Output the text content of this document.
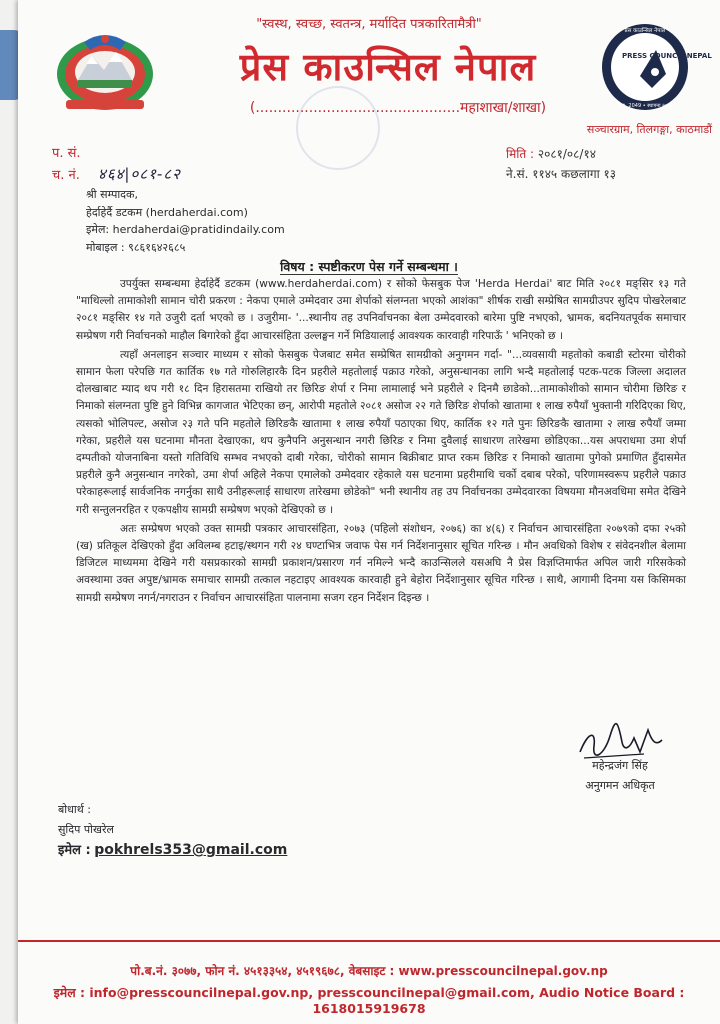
"स्वस्थ, स्वच्छ, स्वतन्त्र, मर्यादित पत्रकारितामैत्री"
प्रेस काउन्सिल नेपाल
(..............................................महाशाखा/शाखा)
PRESS COUNCIL NEPAL
प्रेस काउन्सिल नेपाल
Est. 2049 • स्थापना २०४९
सञ्चारग्राम, तिलगङ्गा, काठमाडौं
प. सं.
च. नं. ४६४|०८१-८२
मिति : २०८१/०८/१४
ने.सं. ११४५ कछलागा १३
श्री सम्पादक,
हेर्दाहेर्दै डटकम (herdaherdai.com)
इमेल: herdaherdai@pratidindaily.com
मोबाइल : ९८६१६४२६८५
विषय : स्पष्टीकरण पेस गर्ने सम्बन्धमा ।

उपर्युक्त सम्बन्धमा हेर्दाहेर्दै डटकम (www.herdaherdai.com) र सोको फेसबुक पेज 'Herda Herdai' बाट मिति २०८१ मङ्सिर १३ गते "माथिल्लो तामाकोशी सामान चोरी प्रकरण : नेकपा एमाले उम्मेदवार उमा शेर्पाको संलग्नता भएको आशंका" शीर्षक राखी सम्प्रेषित सामग्रीउपर सुदिप पोखरेलबाट २०८१ मङ्सिर १४ गते उजुरी दर्ता भएको छ । उजुरीमा- '...स्थानीय तह उपनिर्वाचनका बेला उम्मेदवारको बारेमा पुष्टि नभएको, भ्रामक, बदनियतपूर्वक समाचार सम्प्रेषण गरी निर्वाचनको माहौल बिगारेको हुँदा आचारसंहिता उल्लङ्घन गर्ने मिडियालाई आवश्यक कारवाही गरिपाऊँ ' भनिएको छ ।

त्यहाँ अनलाइन सञ्चार माध्यम र सोको फेसबुक पेजबाट समेत सम्प्रेषित सामग्रीको अनुगमन गर्दा- "...व्यवसायी महतोको कबाडी स्टोरमा चोरीको सामान फेला परेपछि गत कार्तिक १७ गते गोरुलिहारकै दिन प्रहरीले महतोलाई पक्राउ गरेको, अनुसन्धानका लागि भन्दै महतोलाई पटक-पटक जिल्ला अदालत दोलखाबाट म्याद थप गरी १८ दिन हिरासतमा राखियो तर छिरिङ शेर्पा र निमा लामालाई भने प्रहरीले २ दिनमै छाडेको...तामाकोशीको सामान चोरीमा छिरिङ र निमाको संलग्नता पुष्टि हुने विभिन्न कागजात भेटिएका छन्, आरोपी महतोले २०८१ असोज २२ गते छिरिङ शेर्पाको खातामा १ लाख रुपैयाँ भुक्तानी गरिदिएका थिए, त्यसको भोलिपल्ट, असोज २३ गते पनि महतोले छिरिङकै खातामा १ लाख रुपैयाँ पठाएका थिए, कार्तिक १२ गते पुनः छिरिङकै खातामा २ लाख रुपैयाँ जम्मा गरेका, प्रहरीले यस घटनामा मौनता देखाएका, थप कुनैपनि अनुसन्धान नगरी छिरिङ र निमा दुवैलाई साधारण तारेखमा छोडिएका...यस अपराधमा उमा शेर्पा दम्पतीको योजनाबिना यस्तो गतिविधि सम्भव नभएको दाबी गरेका, चोरीको सामान बिक्रीबाट प्राप्त रकम छिरिङ र निमाको खातामा पुगेको प्रमाणित हुँदासमेत प्रहरीले कुनै अनुसन्धान नगरेको, उमा शेर्पा अहिले नेकपा एमालेको उम्मेदवार रहेकाले यस घटनामा प्रहरीमाथि चर्को दबाब परेको, परिणामस्वरूप प्रहरीले पक्राउ परेकाहरूलाई सार्वजनिक नगर्नुका साथै उनीहरूलाई साधारण तारेखमा छोडेको" भनी स्थानीय तह उप निर्वाचनका उम्मेदवारका विषयमा मौनअवधिमा समेत देखिने गरी सन्तुलनरहित र एकपक्षीय सामग्री सम्प्रेषण भएको देखिएको छ ।

अतः सम्प्रेषण भएको उक्त सामग्री पत्रकार आचारसंहिता, २०७३ (पहिलो संशोधन, २०७६) का ४(६) र निर्वाचन आचारसंहिता २०७९को दफा २५को (ख) प्रतिकूल देखिएको हुँदा अविलम्ब हटाइ/स्थगन गरी २४ घण्टाभित्र जवाफ पेस गर्न निर्देशनानुसार सूचित गरिन्छ । मौन अवधिको विशेष र संवेदनशील बेलामा डिजिटल माध्यममा देखिने गरी यसप्रकारको सामग्री प्रकाशन/प्रसारण गर्न नमिल्ने भन्दै काउन्सिलले यसअघि नै प्रेस विज्ञप्तिमार्फत अपिल जारी गरिसकेको अवस्थामा उक्त अपुष्ट/भ्रामक समाचार सामग्री तत्काल नहटाइए आवश्यक कारवाही हुने बेहोरा निर्देशानुसार सूचित गरिन्छ । साथै, आगामी दिनमा यस किसिमका सामग्री सम्प्रेषण नगर्न/नगराउन र निर्वाचन आचारसंहिता पालनामा सजग रहन निर्देशन दिइन्छ ।

महेन्द्रजंग सिंह
अनुगमन अधिकृत
बोधार्थ :
सुदिप पोखरेल
इमेल : pokhrels353@gmail.com
पो.ब.नं. ३०७७, फोन नं. ४५१३३५४, ४५१९६७८, वेबसाइट : www.presscouncilnepal.gov.np
इमेल : info@presscouncilnepal.gov.np, presscouncilnepal@gmail.com, Audio Notice Board : 1618015919678
